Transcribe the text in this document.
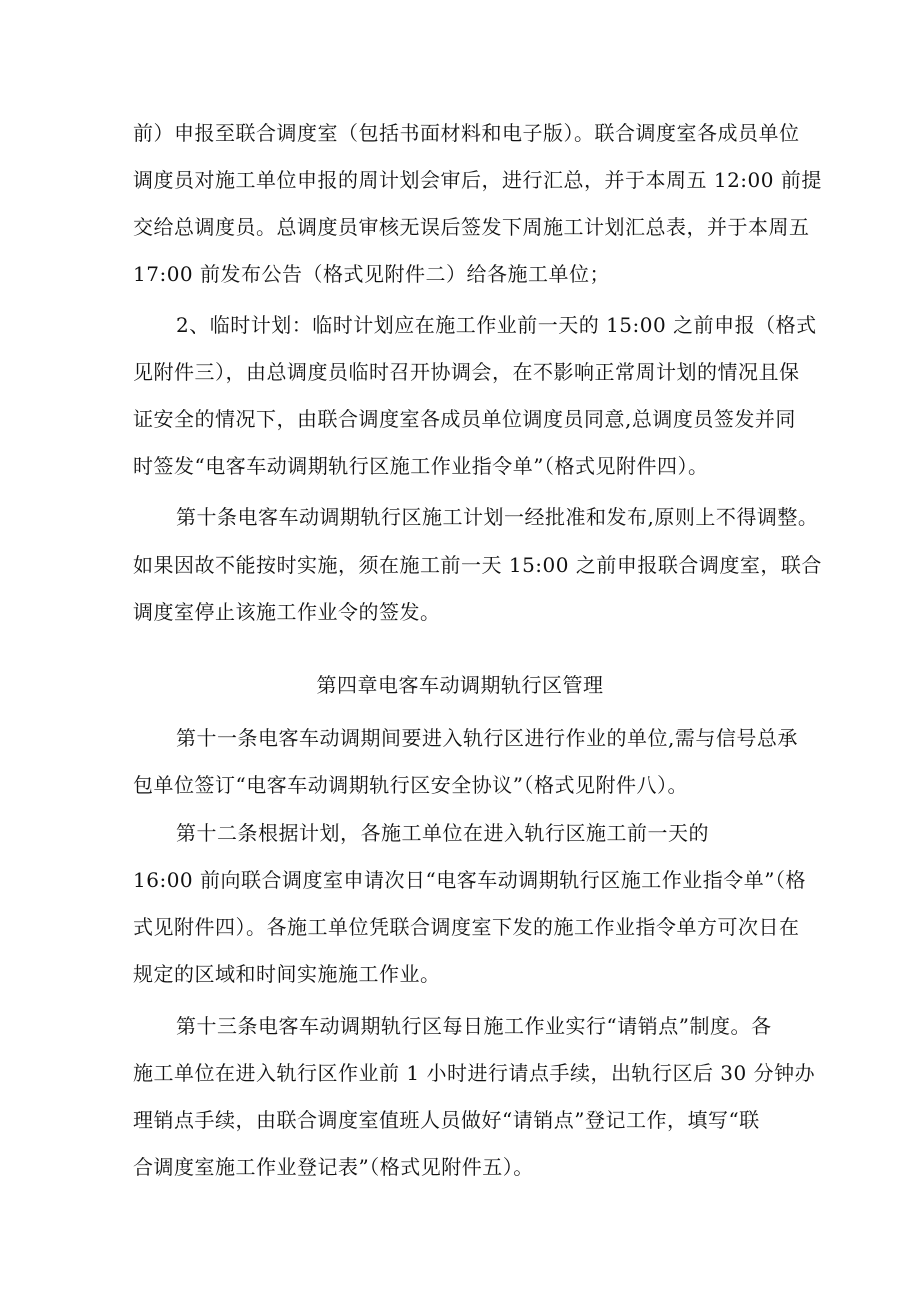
前）申报至联合调度室（包括书面材料和电子版）。联合调度室各成员单位
调度员对施工单位申报的周计划会审后，进行汇总，并于本周五 12:00 前提
交给总调度员。总调度员审核无误后签发下周施工计划汇总表，并于本周五
17:00 前发布公告（格式见附件二）给各施工单位；
2、临时计划：临时计划应在施工作业前一天的 15:00 之前申报（格式
见附件三），由总调度员临时召开协调会，在不影响正常周计划的情况且保
证安全的情况下，由联合调度室各成员单位调度员同意,总调度员签发并同
时签发“电客车动调期轨行区施工作业指令单”（格式见附件四）。
第十条电客车动调期轨行区施工计划一经批准和发布,原则上不得调整。
如果因故不能按时实施，须在施工前一天 15:00 之前申报联合调度室，联合
调度室停止该施工作业令的签发。
第四章电客车动调期轨行区管理
第十一条电客车动调期间要进入轨行区进行作业的单位,需与信号总承
包单位签订“电客车动调期轨行区安全协议”（格式见附件八）。
第十二条根据计划，各施工单位在进入轨行区施工前一天的
16:00 前向联合调度室申请次日“电客车动调期轨行区施工作业指令单”（格
式见附件四）。各施工单位凭联合调度室下发的施工作业指令单方可次日在
规定的区域和时间实施施工作业。
第十三条电客车动调期轨行区每日施工作业实行“请销点”制度。各
施工单位在进入轨行区作业前 1 小时进行请点手续，出轨行区后 30 分钟办
理销点手续，由联合调度室值班人员做好“请销点”登记工作，填写“联
合调度室施工作业登记表”（格式见附件五）。
